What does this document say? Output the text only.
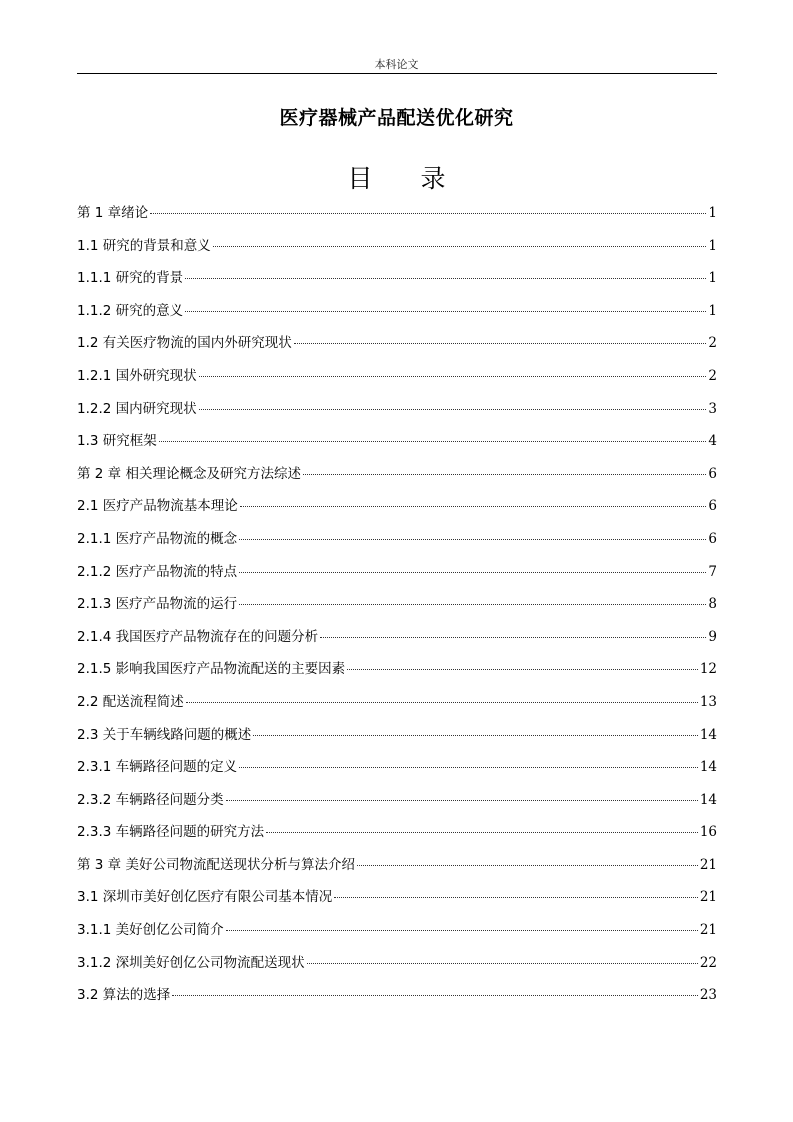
本科论文
医疗器械产品配送优化研究
目 录
第 1 章绪论	1
1.1 研究的背景和意义	1
1.1.1 研究的背景	1
1.1.2 研究的意义	1
1.2 有关医疗物流的国内外研究现状	2
1.2.1 国外研究现状	2
1.2.2 国内研究现状	3
1.3 研究框架	4
第 2 章 相关理论概念及研究方法综述	6
2.1 医疗产品物流基本理论	6
2.1.1 医疗产品物流的概念	6
2.1.2 医疗产品物流的特点	7
2.1.3 医疗产品物流的运行	8
2.1.4 我国医疗产品物流存在的问题分析	9
2.1.5 影响我国医疗产品物流配送的主要因素	12
2.2 配送流程简述	13
2.3 关于车辆线路问题的概述	14
2.3.1 车辆路径问题的定义	14
2.3.2 车辆路径问题分类	14
2.3.3 车辆路径问题的研究方法	16
第 3 章 美好公司物流配送现状分析与算法介绍	21
3.1 深圳市美好创亿医疗有限公司基本情况	21
3.1.1 美好创亿公司简介	21
3.1.2 深圳美好创亿公司物流配送现状	22
3.2 算法的选择	23
